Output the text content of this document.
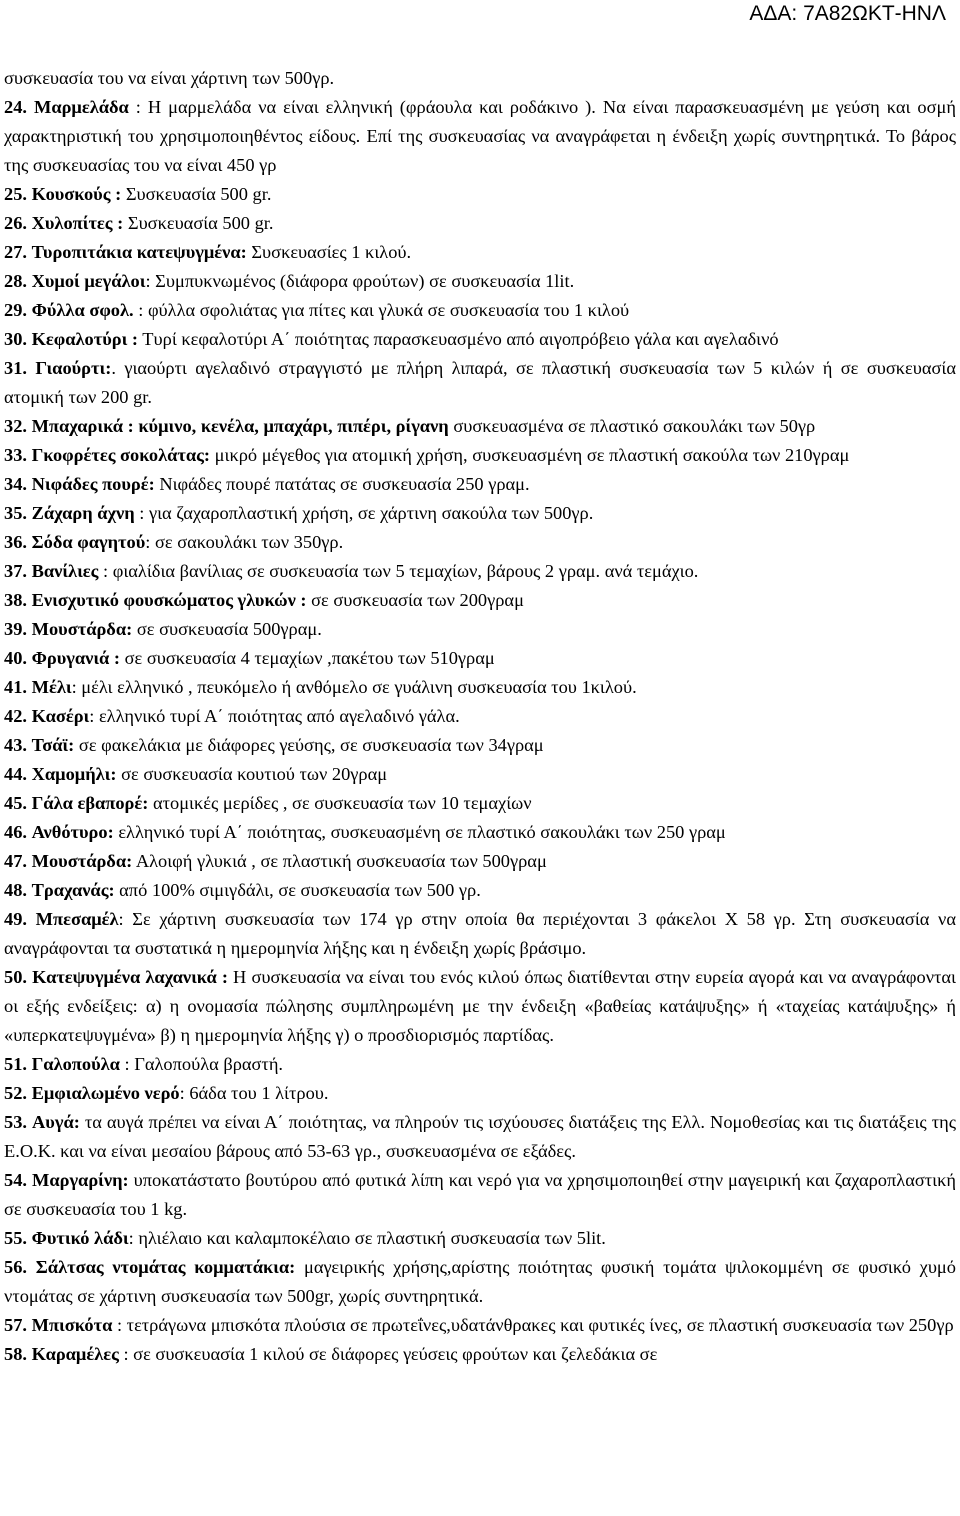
ΑΔΑ: 7Α82ΩΚΤ-ΗΝΛ

συσκευασία του να είναι χάρτινη των 500γρ.

24. Μαρμελάδα : Η μαρμελάδα να είναι ελληνική (φράουλα και ροδάκινο ). Να είναι παρασκευασμένη με γεύση και οσμή χαρακτηριστική του χρησιμοποιηθέντος είδους. Επί της συσκευασίας να αναγράφεται η ένδειξη χωρίς συντηρητικά. Το βάρος της συσκευασίας του να είναι 450 γρ

25. Κουσκούς : Συσκευασία 500 gr.

26. Χυλοπίτες : Συσκευασία 500 gr.

27. Τυροπιτάκια κατεψυγμένα: Συσκευασίες 1 κιλού.

28. Χυμοί μεγάλοι: Συμπυκνωμένος (διάφορα φρούτων) σε συσκευασία 1lit.

29. Φύλλα σφολ. : φύλλα σφολιάτας για πίτες και γλυκά σε συσκευασία του 1 κιλού

30. Κεφαλοτύρι : Τυρί κεφαλοτύρι Α΄ ποιότητας παρασκευασμένο από αιγοπρόβειο γάλα και αγελαδινό

31. Γιαούρτι:. γιαούρτι αγελαδινό στραγγιστό με πλήρη λιπαρά, σε πλαστική συσκευασία των 5 κιλών ή σε συσκευασία ατομική των 200 gr.

32. Μπαχαρικά : κύμινο, κενέλα, μπαχάρι, πιπέρι, ρίγανη συσκευασμένα σε πλαστικό σακουλάκι των 50γρ

33. Γκοφρέτες σοκολάτας: μικρό μέγεθος για ατομική χρήση, συσκευασμένη σε πλαστική σακούλα των 210γραμ

34. Νιφάδες πουρέ: Νιφάδες πουρέ πατάτας σε συσκευασία 250 γραμ.

35. Ζάχαρη άχνη : για ζαχαροπλαστική χρήση, σε χάρτινη σακούλα των 500γρ.

36. Σόδα φαγητού: σε σακουλάκι των 350γρ.

37. Βανίλιες : φιαλίδια βανίλιας σε συσκευασία των 5 τεμαχίων, βάρους 2 γραμ. ανά τεμάχιο.

38. Ενισχυτικό φουσκώματος γλυκών : σε συσκευασία των 200γραμ

39. Μουστάρδα: σε συσκευασία 500γραμ.

40. Φρυγανιά : σε συσκευασία 4 τεμαχίων ,πακέτου των 510γραμ

41. Μέλι: μέλι ελληνικό , πευκόμελο ή ανθόμελο σε γυάλινη συσκευασία του 1κιλού.

42. Κασέρι: ελληνικό τυρί Α΄ ποιότητας από αγελαδινό γάλα.

43. Τσάϊ: σε φακελάκια με διάφορες γεύσης, σε συσκευασία των 34γραμ

44. Χαμομήλι: σε συσκευασία κουτιού των 20γραμ

45. Γάλα εβαπορέ: ατομικές μερίδες , σε συσκευασία των 10 τεμαχίων

46. Ανθότυρο: ελληνικό τυρί Α΄ ποιότητας, συσκευασμένη σε πλαστικό σακουλάκι των 250 γραμ

47. Μουστάρδα: Αλοιφή γλυκιά , σε πλαστική συσκευασία των 500γραμ

48. Τραχανάς: από 100% σιμιγδάλι, σε συσκευασία των 500 γρ.

49. Μπεσαμέλ: Σε χάρτινη συσκευασία των 174 γρ στην οποία θα περιέχονται 3 φάκελοι Χ 58 γρ. Στη συσκευασία να αναγράφονται τα συστατικά η ημερομηνία λήξης και η ένδειξη χωρίς βράσιμο.

50. Κατεψυγμένα λαχανικά : Η συσκευασία να είναι του ενός κιλού όπως διατίθενται στην ευρεία αγορά και να αναγράφονται οι εξής ενδείξεις: α) η ονομασία πώλησης συμπληρωμένη με την ένδειξη «βαθείας κατάψυξης» ή «ταχείας κατάψυξης» ή «υπερκατεψυγμένα» β) η ημερομηνία λήξης γ) ο προσδιορισμός παρτίδας.

51. Γαλοπούλα : Γαλοπούλα βραστή.

52. Εμφιαλωμένο νερό: 6άδα του 1 λίτρου.

53. Αυγά: τα αυγά πρέπει να είναι Α΄ ποιότητας, να πληρούν τις ισχύουσες διατάξεις της Ελλ. Νομοθεσίας και τις διατάξεις της Ε.Ο.Κ. και να είναι μεσαίου βάρους από 53-63 γρ., συσκευασμένα σε εξάδες.

54. Μαργαρίνη: υποκατάστατο βουτύρου από φυτικά λίπη και νερό για να χρησιμοποιηθεί στην μαγειρική και ζαχαροπλαστική σε συσκευασία του 1 kg.

55. Φυτικό λάδι: ηλιέλαιο και καλαμποκέλαιο σε πλαστική συσκευασία των 5lit.

56. Σάλτσας ντομάτας κομματάκια: μαγειρικής χρήσης,αρίστης ποιότητας φυσική τομάτα ψιλοκομμένη σε φυσικό χυμό ντομάτας σε χάρτινη συσκευασία των 500gr, χωρίς συντηρητικά.

57. Μπισκότα : τετράγωνα μπισκότα πλούσια σε πρωτεΐνες,υδατάνθρακες και φυτικές ίνες, σε πλαστική συσκευασία των 250γρ

58. Καραμέλες : σε συσκευασία 1 κιλού σε διάφορες γεύσεις φρούτων και ζελεδάκια σε
